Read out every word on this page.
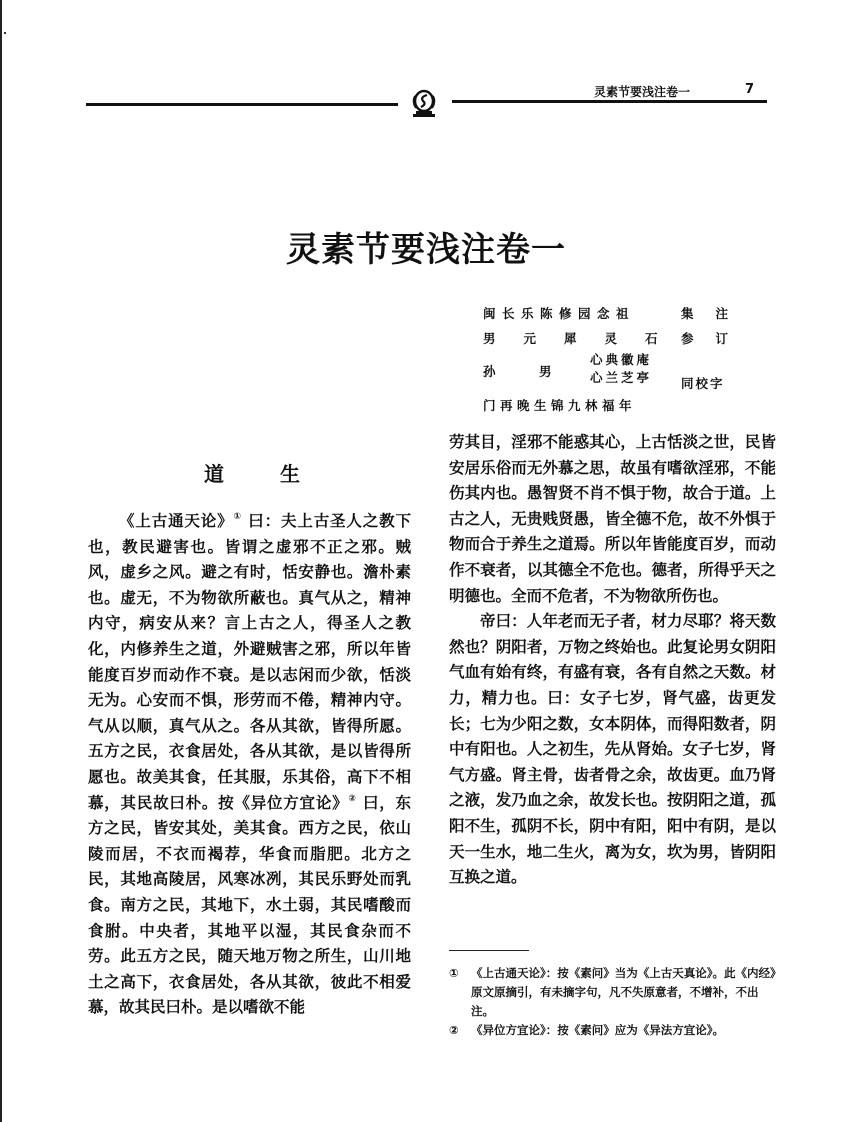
灵素节要浅注卷一	7
灵素节要浅注卷一
闽长乐陈修园念祖	集注
男元犀灵石
参订
孙	男
心典徽庵
心兰芝亭 同校字
门再晚生锦九林福年
道	生

《上古通天论》① 曰：夫上古圣人之教下也，教民避害也。皆谓之虚邪不正之邪。贼风，虚乡之风。避之有时，恬安静也。澹朴素也。虚无，不为物欲所蔽也。真气从之，精神内守，病安从来？言上古之人，得圣人之教化，内修养生之道，外避贼害之邪，所以年皆能度百岁而动作不衰。是以志闲而少欲，恬淡无为。心安而不惧，形劳而不倦，精神内守。气从以顺，真气从之。各从其欲，皆得所愿。五方之民，衣食居处，各从其欲，是以皆得所愿也。故美其食，任其服，乐其俗，高下不相慕，其民故曰朴。按《异位方宜论》② 曰，东方之民，皆安其处，美其食。西方之民，依山陵而居，不衣而褐荐，华食而脂肥。北方之民，其地高陵居，风寒冰冽，其民乐野处而乳食。南方之民，其地下，水土弱，其民嗜酸而食胕。中央者，其地平以湿，其民食杂而不劳。此五方之民，随天地万物之所生，山川地土之高下，衣食居处，各从其欲，彼此不相爱慕，故其民曰朴。是以嗜欲不能

劳其目，淫邪不能惑其心，上古恬淡之世，民皆安居乐俗而无外慕之思，故虽有嗜欲淫邪，不能伤其内也。愚智贤不肖不惧于物，故合于道。上古之人，无贵贱贤愚，皆全德不危，故不外惧于物而合于养生之道焉。所以年皆能度百岁，而动作不衰者，以其德全不危也。德者，所得乎天之明德也。全而不危者，不为物欲所伤也。

帝曰：人年老而无子者，材力尽耶？将天数然也？阴阳者，万物之终始也。此复论男女阴阳气血有始有终，有盛有衰，各有自然之天数。材力，精力也。曰：女子七岁，肾气盛，齿更发长；七为少阳之数，女本阴体，而得阳数者，阴中有阳也。人之初生，先从肾始。女子七岁，肾气方盛。肾主骨，齿者骨之余，故齿更。血乃肾之液，发乃血之余，故发长也。按阴阳之道，孤阳不生，孤阴不长，阴中有阳，阳中有阴，是以天一生水，地二生火，离为女，坎为男，皆阴阳互换之道。

① 《上古通天论》：按《素问》当为《上古天真论》。此《内经》原文原摘引，有未摘字句，凡不失原意者，不增补，不出注。
② 《异位方宜论》：按《素问》应为《异法方宜论》。
